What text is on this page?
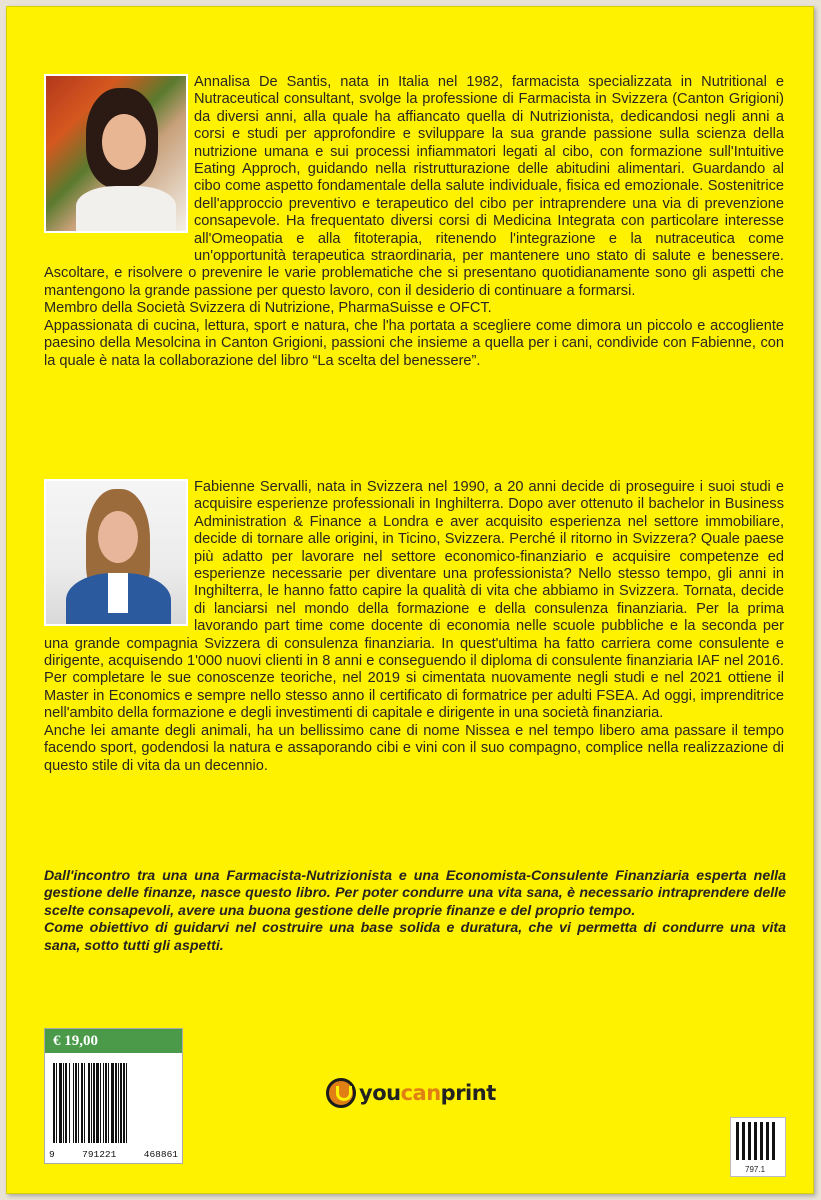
Annalisa De Santis, nata in Italia nel 1982, farmacista specializzata in Nutritional e Nutraceutical consultant, svolge la professione di Farmacista in Svizzera (Canton Grigioni) da diversi anni, alla quale ha affiancato quella di Nutrizionista, dedicandosi negli anni a corsi e studi per approfondire e sviluppare la sua grande passione sulla scienza della nutrizione umana e sui processi infiammatori legati al cibo, con formazione sull'Intuitive Eating Approch, guidando nella ristrutturazione delle abitudini alimentari. Guardando al cibo come aspetto fondamentale della salute individuale, fisica ed emozionale. Sostenitrice dell'approccio preventivo e terapeutico del cibo per intraprendere una via di prevenzione consapevole. Ha frequentato diversi corsi di Medicina Integrata con particolare interesse all'Omeopatia e alla fitoterapia, ritenendo l'integrazione e la nutraceutica come un'opportunità terapeutica straordinaria, per mantenere uno stato di salute e benessere. Ascoltare, e risolvere o prevenire le varie problematiche che si presentano quotidianamente sono gli aspetti che mantengono la grande passione per questo lavoro, con il desiderio di continuare a formarsi.

Membro della Società Svizzera di Nutrizione, PharmaSuisse e OFCT.

Appassionata di cucina, lettura, sport e natura, che l'ha portata a scegliere come dimora un piccolo e accogliente paesino della Mesolcina in Canton Grigioni, passioni che insieme a quella per i cani, condivide con Fabienne, con la quale è nata la collaborazione del libro “La scelta del benessere”.

Fabienne Servalli, nata in Svizzera nel 1990, a 20 anni decide di proseguire i suoi studi e acquisire esperienze professionali in Inghilterra. Dopo aver ottenuto il bachelor in Business Administration & Finance a Londra e aver acquisito esperienza nel settore immobiliare, decide di tornare alle origini, in Ticino, Svizzera. Perché il ritorno in Svizzera? Quale paese più adatto per lavorare nel settore economico-finanziario e acquisire competenze ed esperienze necessarie per diventare una professionista? Nello stesso tempo, gli anni in Inghilterra, le hanno fatto capire la qualità di vita che abbiamo in Svizzera. Tornata, decide di lanciarsi nel mondo della formazione e della consulenza finanziaria. Per la prima lavorando part time come docente di economia nelle scuole pubbliche e la seconda per una grande compagnia Svizzera di consulenza finanziaria. In quest'ultima ha fatto carriera come consulente e dirigente, acquisendo 1'000 nuovi clienti in 8 anni e conseguendo il diploma di consulente finanziaria IAF nel 2016. Per completare le sue conoscenze teoriche, nel 2019 si cimentata nuovamente negli studi e nel 2021 ottiene il Master in Economics e sempre nello stesso anno il certificato di formatrice per adulti FSEA. Ad oggi, imprenditrice nell'ambito della formazione e degli investimenti di capitale e dirigente in una società finanziaria.

Anche lei amante degli animali, ha un bellissimo cane di nome Nissea e nel tempo libero ama passare il tempo facendo sport, godendosi la natura e assaporando cibi e vini con il suo compagno, complice nella realizzazione di questo stile di vita da un decennio.

Dall'incontro tra una una Farmacista-Nutrizionista e una Economista-Consulente Finanziaria esperta nella gestione delle finanze, nasce questo libro. Per poter condurre una vita sana, è necessario intraprendere delle scelte consapevoli, avere una buona gestione delle proprie finanze e del proprio tempo.

Come obiettivo di guidarvi nel costruire una base solida e duratura, che vi permetta di condurre una vita sana, sotto tutti gli aspetti.

€ 19,00
9	791221	468861
youcanprint
797.1
